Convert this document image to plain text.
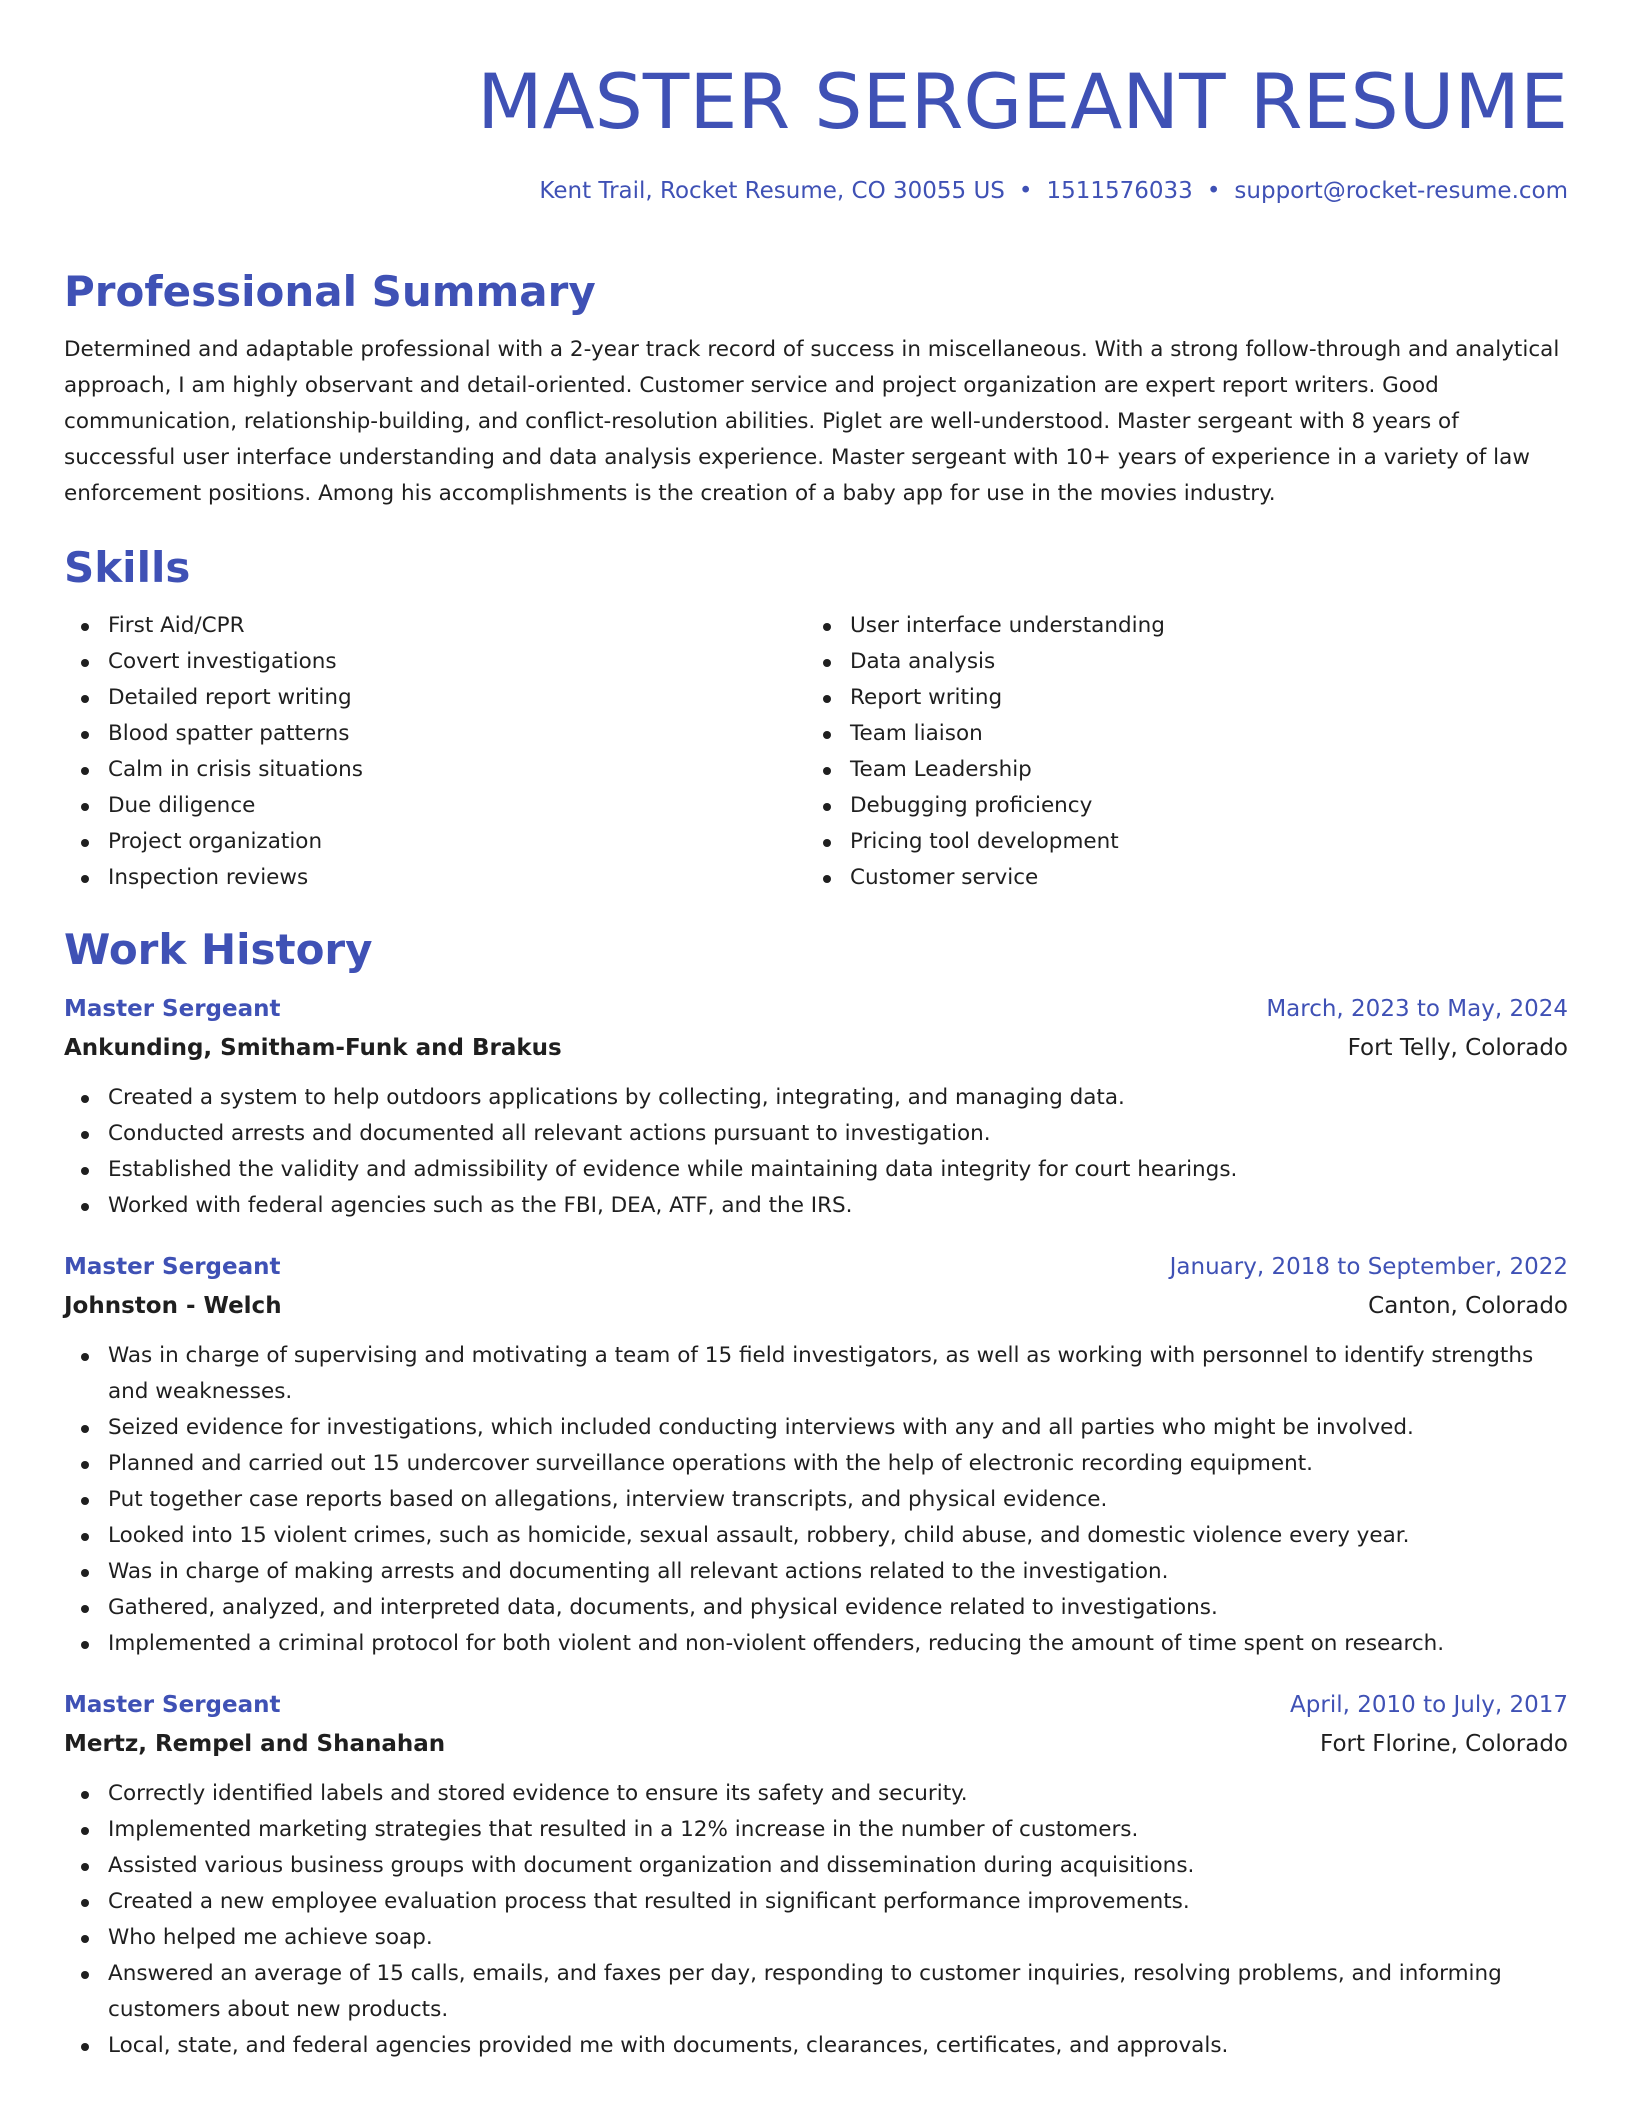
MASTER SERGEANT RESUME
Kent Trail, Rocket Resume, CO 30055 US • 1511576033 • support@rocket-resume.com
Professional Summary
Determined and adaptable professional with a 2-year track record of success in miscellaneous. With a strong follow-through and analytical approach, I am highly observant and detail-oriented. Customer service and project organization are expert report writers. Good communication, relationship-building, and conflict-resolution abilities. Piglet are well-understood. Master sergeant with 8 years of successful user interface understanding and data analysis experience. Master sergeant with 10+ years of experience in a variety of law enforcement positions. Among his accomplishments is the creation of a baby app for use in the movies industry.
Skills
First Aid/CPR
Covert investigations
Detailed report writing
Blood spatter patterns
Calm in crisis situations
Due diligence
Project organization
Inspection reviews
User interface understanding
Data analysis
Report writing
Team liaison
Team Leadership
Debugging proficiency
Pricing tool development
Customer service
Work History
Master Sergeant	March, 2023 to May, 2024
Ankunding, Smitham-Funk and Brakus	Fort Telly, Colorado
Created a system to help outdoors applications by collecting, integrating, and managing data.
Conducted arrests and documented all relevant actions pursuant to investigation.
Established the validity and admissibility of evidence while maintaining data integrity for court hearings.
Worked with federal agencies such as the FBI, DEA, ATF, and the IRS.
Master Sergeant	January, 2018 to September, 2022
Johnston - Welch	Canton, Colorado
Was in charge of supervising and motivating a team of 15 field investigators, as well as working with personnel to identify strengths and weaknesses.
Seized evidence for investigations, which included conducting interviews with any and all parties who might be involved.
Planned and carried out 15 undercover surveillance operations with the help of electronic recording equipment.
Put together case reports based on allegations, interview transcripts, and physical evidence.
Looked into 15 violent crimes, such as homicide, sexual assault, robbery, child abuse, and domestic violence every year.
Was in charge of making arrests and documenting all relevant actions related to the investigation.
Gathered, analyzed, and interpreted data, documents, and physical evidence related to investigations.
Implemented a criminal protocol for both violent and non-violent offenders, reducing the amount of time spent on research.
Master Sergeant	April, 2010 to July, 2017
Mertz, Rempel and Shanahan	Fort Florine, Colorado
Correctly identified labels and stored evidence to ensure its safety and security.
Implemented marketing strategies that resulted in a 12% increase in the number of customers.
Assisted various business groups with document organization and dissemination during acquisitions.
Created a new employee evaluation process that resulted in significant performance improvements.
Who helped me achieve soap.
Answered an average of 15 calls, emails, and faxes per day, responding to customer inquiries, resolving problems, and informing customers about new products.
Local, state, and federal agencies provided me with documents, clearances, certificates, and approvals.
